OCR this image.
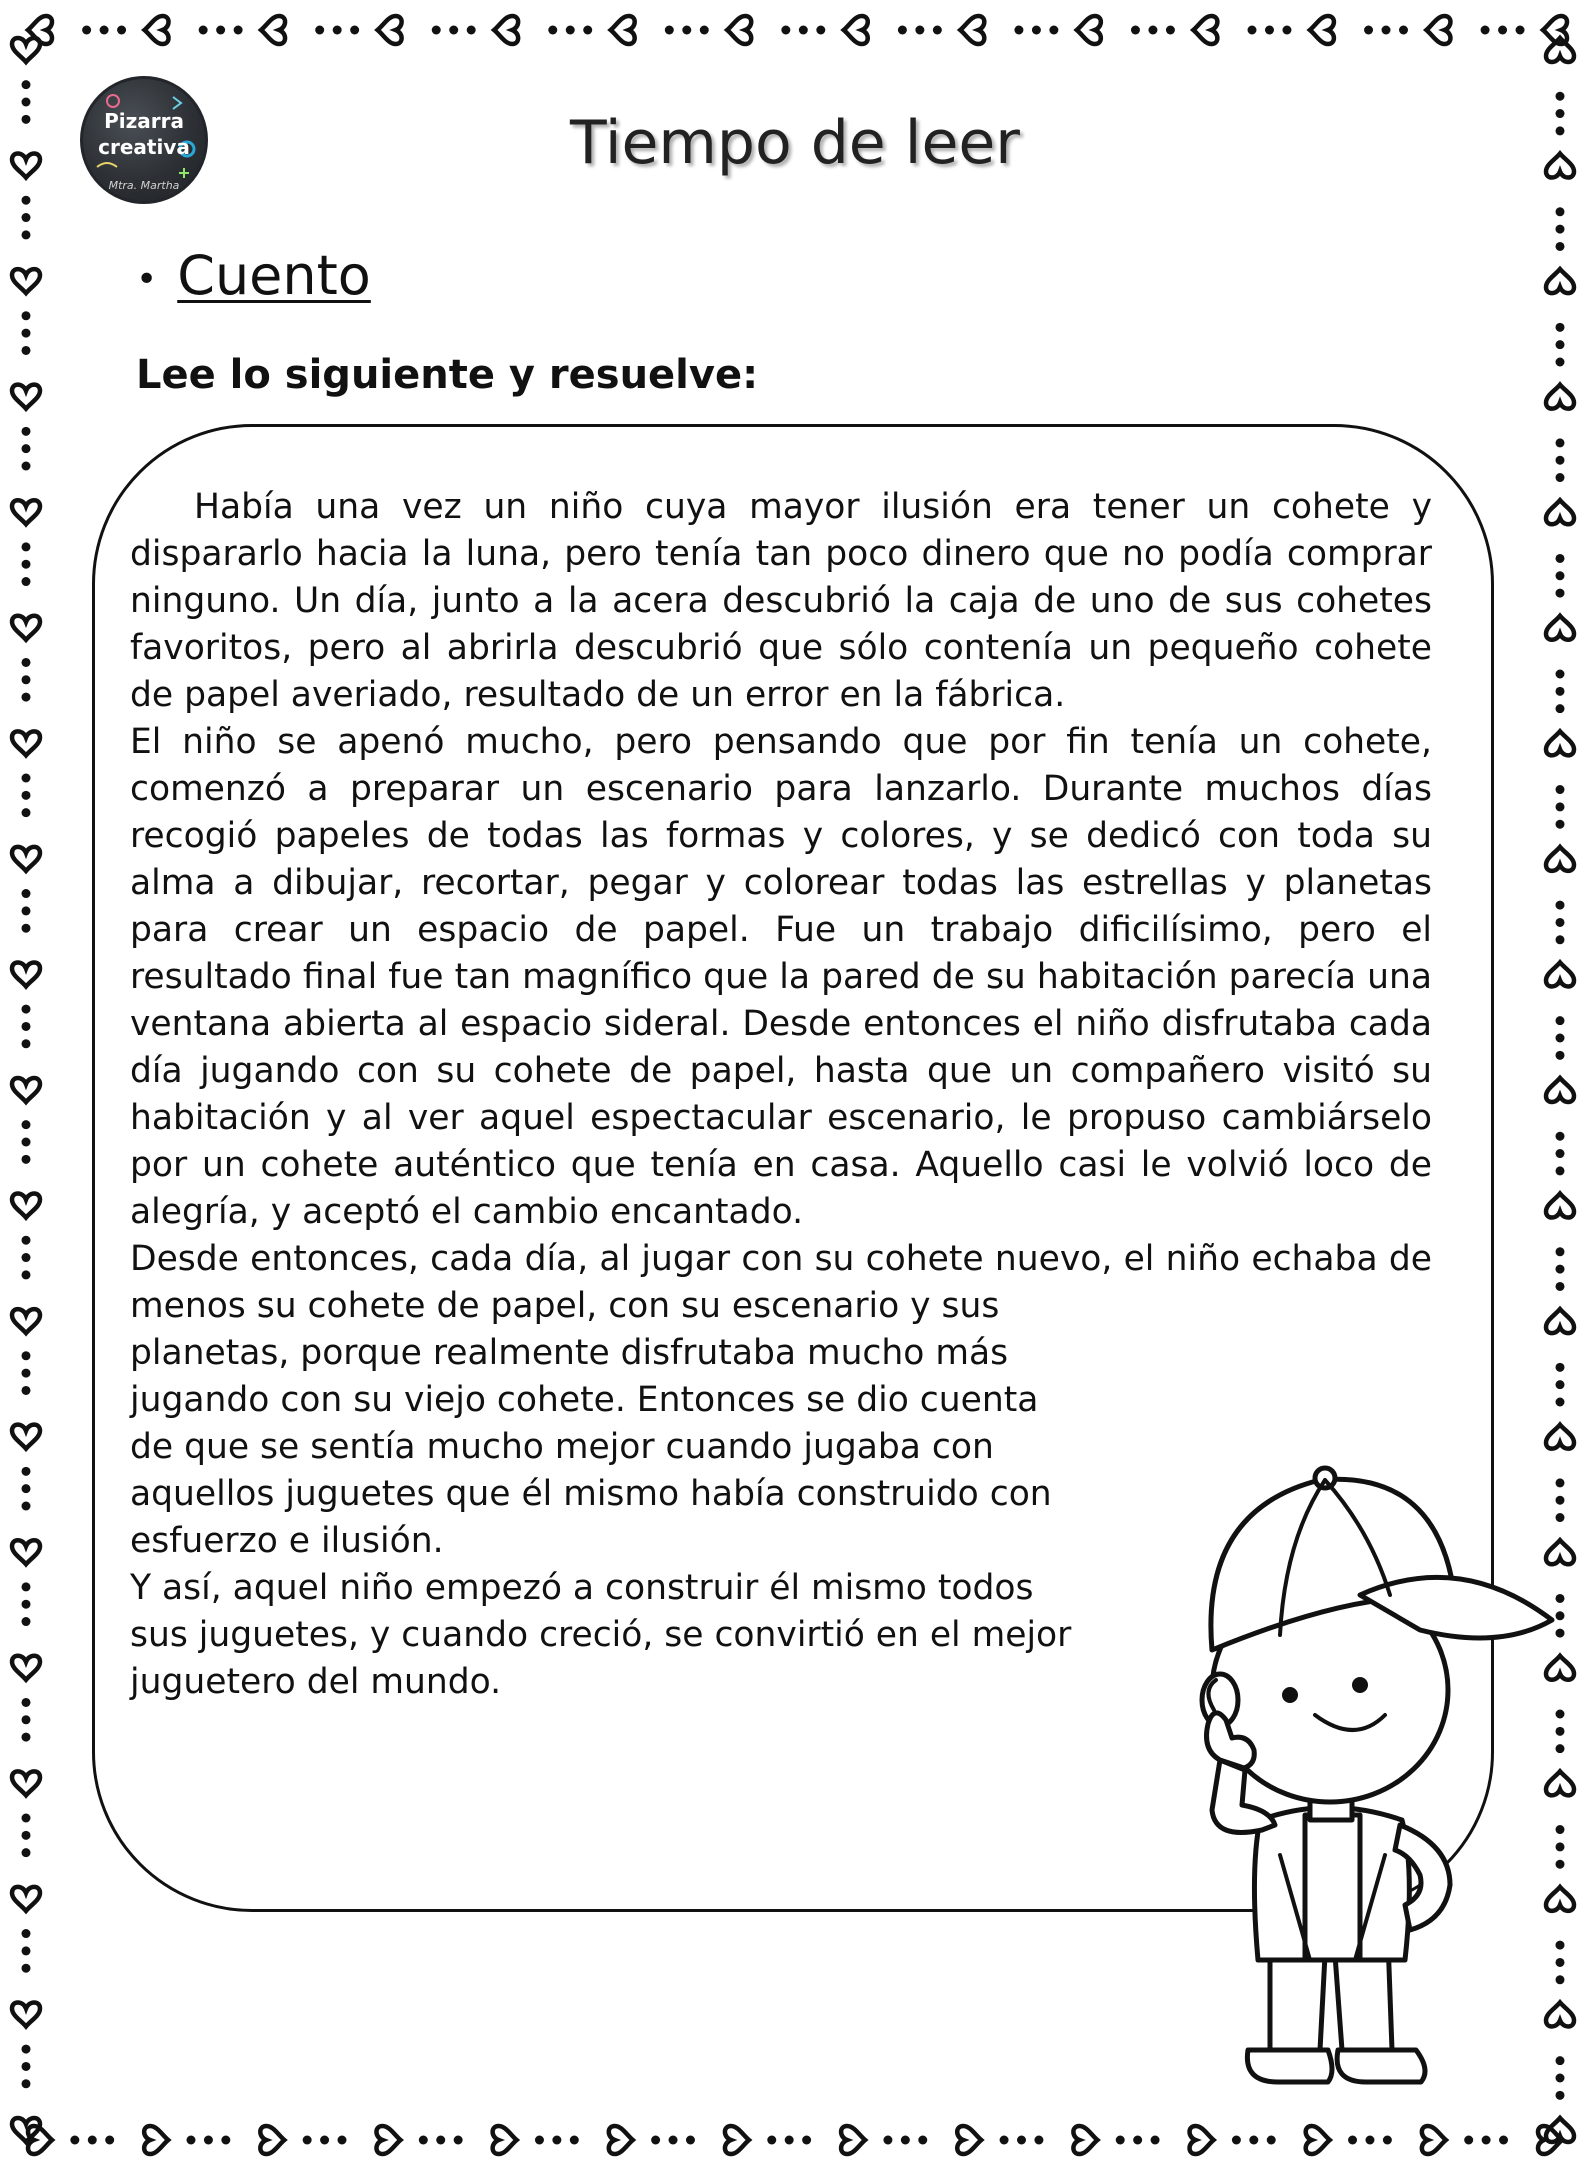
Pizarra
creativa
Mtra. Martha
Tiempo de leer
• Cuento
Lee lo siguiente y resuelve:

Había una vez un niño cuya mayor ilusión era tener un cohete y dispararlo hacia la luna, pero tenía tan poco dinero que no podía comprar ninguno. Un día, junto a la acera descubrió la caja de uno de sus cohetes favoritos, pero al abrirla descubrió que sólo contenía un pequeño cohete de papel averiado, resultado de un error en la fábrica.

El niño se apenó mucho, pero pensando que por fin tenía un cohete, comenzó a preparar un escenario para lanzarlo. Durante muchos días recogió papeles de todas las formas y colores, y se dedicó con toda su alma a dibujar, recortar, pegar y colorear todas las estrellas y planetas para crear un espacio de papel. Fue un trabajo dificilísimo, pero el resultado final fue tan magnífico que la pared de su habitación parecía una ventana abierta al espacio sideral. Desde entonces el niño disfrutaba cada día jugando con su cohete de papel, hasta que un compañero visitó su habitación y al ver aquel espectacular escenario, le propuso cambiárselo por un cohete auténtico que tenía en casa. Aquello casi le volvió loco de alegría, y aceptó el cambio encantado.

Desde entonces, cada día, al jugar con su cohete nuevo, el niño echaba de menos su cohete de papel, con su escenario y sus

planetas, porque realmente disfrutaba mucho más jugando con su viejo cohete. Entonces se dio cuenta de que se sentía mucho mejor cuando jugaba con aquellos juguetes que él mismo había construido con esfuerzo e ilusión.

Y así, aquel niño empezó a construir él mismo todos sus juguetes, y cuando creció, se convirtió en el mejor juguetero del mundo.
